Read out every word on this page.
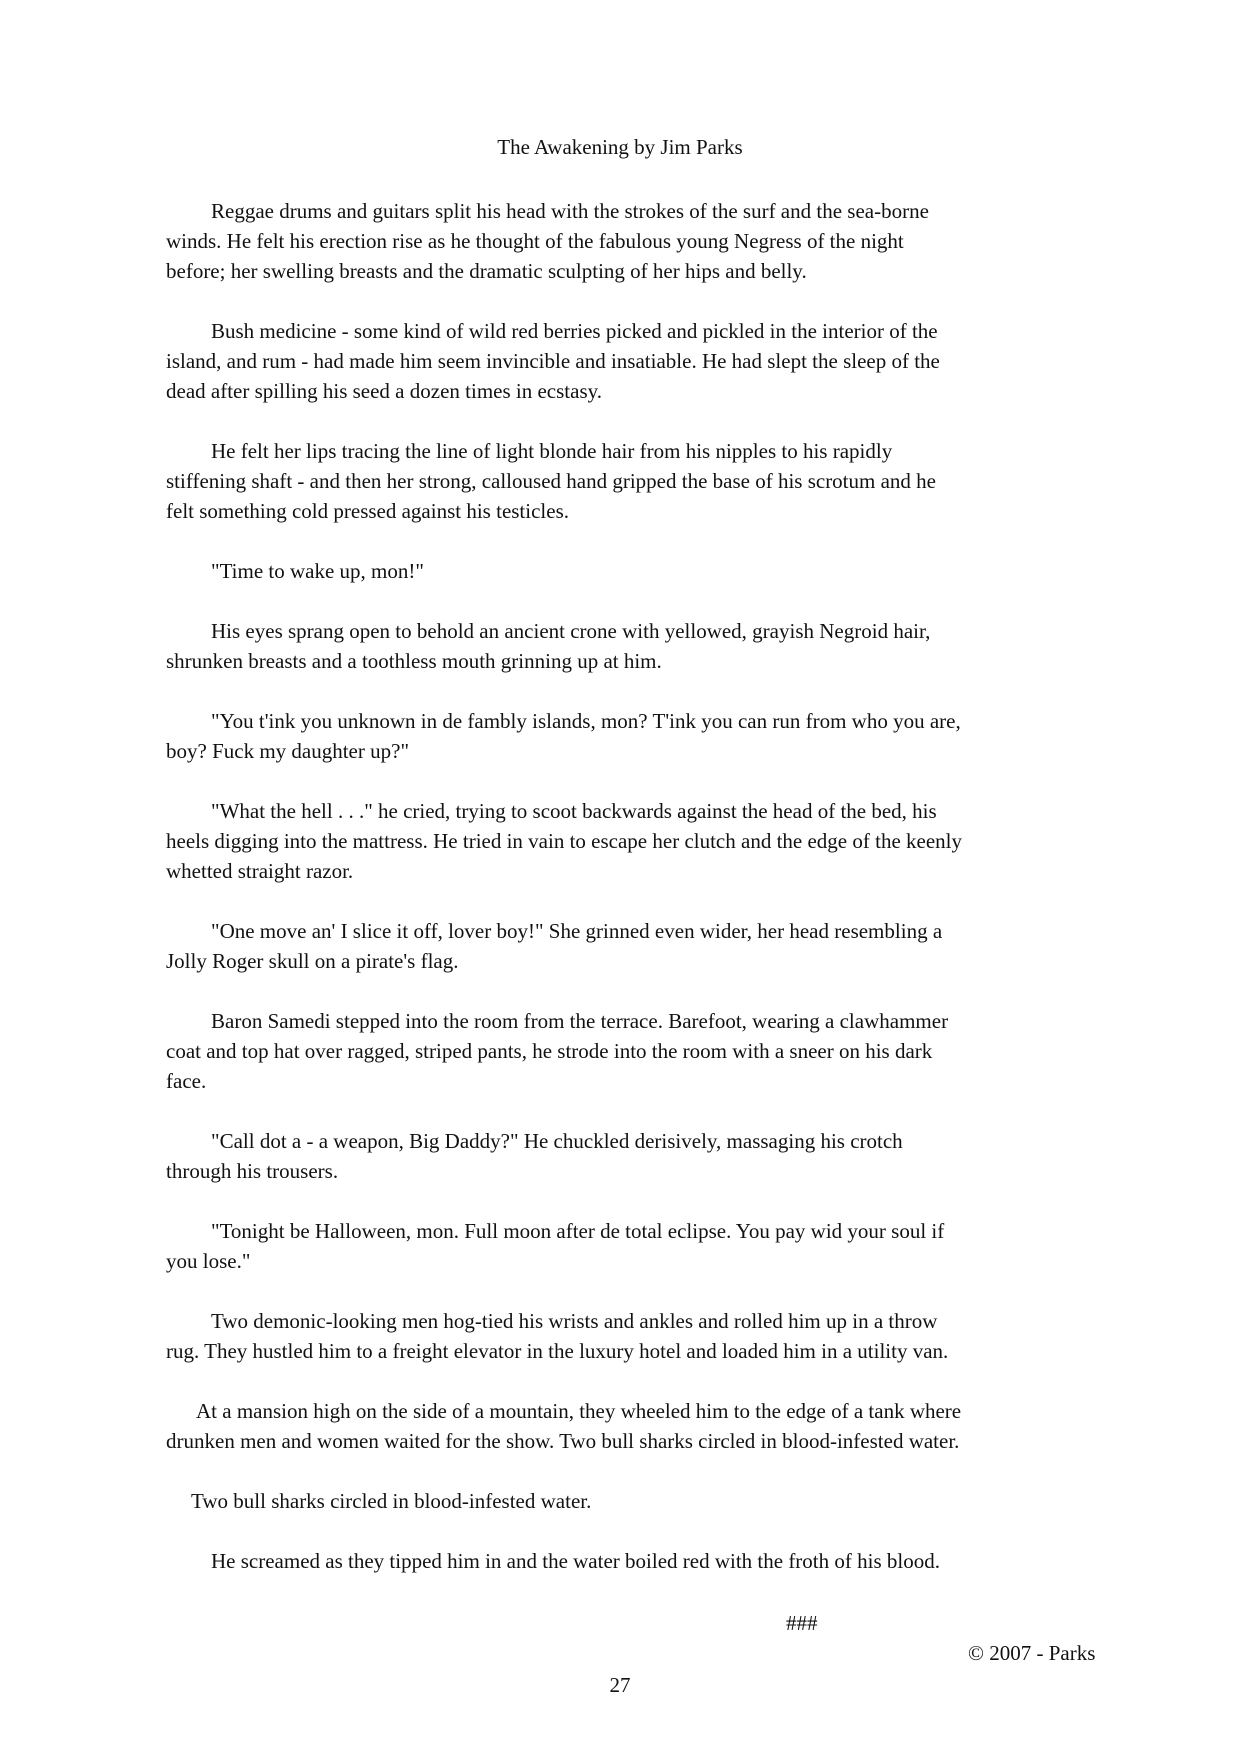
The Awakening by Jim Parks

Reggae drums and guitars split his head with the strokes of the surf and the sea-borne
winds. He felt his erection rise as he thought of the fabulous young Negress of the night
before; her swelling breasts and the dramatic sculpting of her hips and belly.

Bush medicine - some kind of wild red berries picked and pickled in the interior of the
island, and rum - had made him seem invincible and insatiable. He had slept the sleep of the
dead after spilling his seed a dozen times in ecstasy.

He felt her lips tracing the line of light blonde hair from his nipples to his rapidly
stiffening shaft - and then her strong, calloused hand gripped the base of his scrotum and he
felt something cold pressed against his testicles.

"Time to wake up, mon!"

His eyes sprang open to behold an ancient crone with yellowed, grayish Negroid hair,
shrunken breasts and a toothless mouth grinning up at him.

"You t'ink you unknown in de fambly islands, mon? T'ink you can run from who you are,
boy? Fuck my daughter up?"

"What the hell . . ." he cried, trying to scoot backwards against the head of the bed, his
heels digging into the mattress. He tried in vain to escape her clutch and the edge of the keenly
whetted straight razor.

"One move an' I slice it off, lover boy!" She grinned even wider, her head resembling a
Jolly Roger skull on a pirate's flag.

Baron Samedi stepped into the room from the terrace. Barefoot, wearing a clawhammer
coat and top hat over ragged, striped pants, he strode into the room with a sneer on his dark
face.

"Call dot a - a weapon, Big Daddy?" He chuckled derisively, massaging his crotch
through his trousers.

"Tonight be Halloween, mon. Full moon after de total eclipse. You pay wid your soul if
you lose."

Two demonic-looking men hog-tied his wrists and ankles and rolled him up in a throw
rug. They hustled him to a freight elevator in the luxury hotel and loaded him in a utility van.

At a mansion high on the side of a mountain, they wheeled him to the edge of a tank where
drunken men and women waited for the show. Two bull sharks circled in blood-infested water.

Two bull sharks circled in blood-infested water.

He screamed as they tipped him in and the water boiled red with the froth of his blood.

###
© 2007 - Parks
27
